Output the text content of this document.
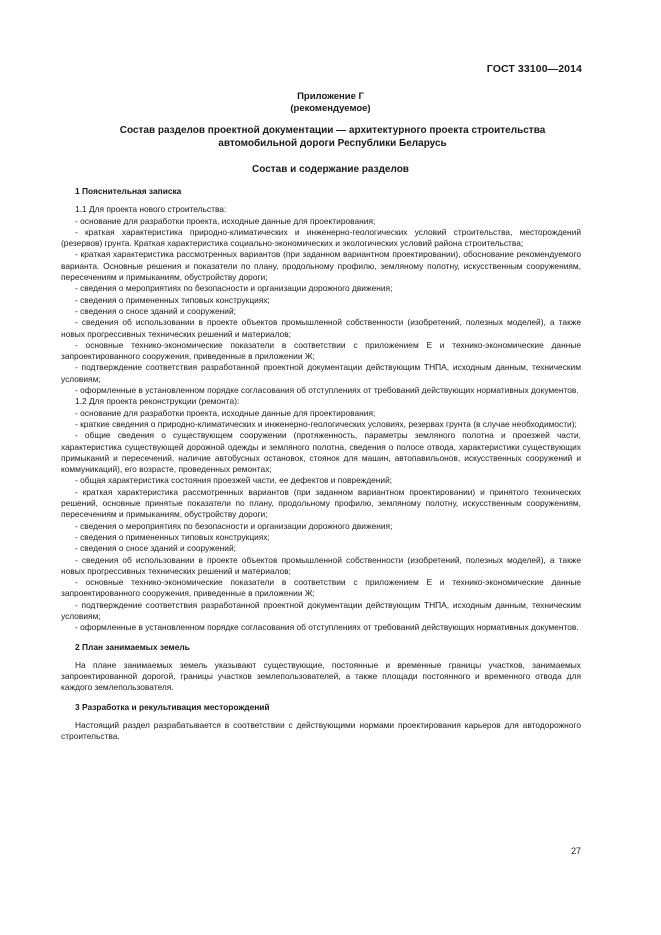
ГОСТ 33100—2014
Приложение Г
(рекомендуемое)
Состав разделов проектной документации — архитектурного проекта строительства
автомобильной дороги Республики Беларусь
Состав и содержание разделов

1 Пояснительная записка

1.1 Для проекта нового строительства:

- основание для разработки проекта, исходные данные для проектирования;

- краткая характеристика природно-климатических и инженерно-геологических условий строительства, месторождений (резервов) грунта. Краткая характеристика социально-экономических и экологических условий района строительства;

- краткая характеристика рассмотренных вариантов (при заданном вариантном проектировании), обоснование рекомендуемого варианта. Основные решения и показатели по плану, продольному профилю, земляному полотну, искусственным сооружениям, пересечениям и примыканиям, обустройству дороги;

- сведения о мероприятиях по безопасности и организации дорожного движения;

- сведения о примененных типовых конструкциях;

- сведения о сносе зданий и сооружений;

- сведения об использовании в проекте объектов промышленной собственности (изобретений, полезных моделей), а также новых прогрессивных технических решений и материалов;

- основные технико-экономические показатели в соответствии с приложением Е и технико-экономические данные запроектированного сооружения, приведенные в приложении Ж;

- подтверждение соответствия разработанной проектной документации действующим ТНПА, исходным данным, техническим условиям;

- оформленные в установленном порядке согласования об отступлениях от требований действующих нормативных документов.

1.2 Для проекта реконструкции (ремонта):

- основание для разработки проекта, исходные данные для проектирования;

- краткие сведения о природно-климатических и инженерно-геологических условиях, резервах грунта (в случае необходимости);

- общие сведения о существующем сооружении (протяженность, параметры земляного полотна и проезжей части, характеристика существующей дорожной одежды и земляного полотна, сведения о полосе отвода, характеристики существующих примыканий и пересечений, наличие автобусных остановок, стоянок для машин, автопавильонов, искусственных сооружений и коммуникаций), его возрасте, проведенных ремонтах;

- общая характеристика состояния проезжей части, ее дефектов и повреждений;

- краткая характеристика рассмотренных вариантов (при заданном вариантном проектировании) и принятого технических решений, основные принятые показатели по плану, продольному профилю, земляному полотну, искусственным сооружениям, пересечениям и примыканиям, обустройству дороги;

- сведения о мероприятиях по безопасности и организации дорожного движения;

- сведения о примененных типовых конструкциях;

- сведения о сносе зданий и сооружений;

- сведения об использовании в проекте объектов промышленной собственности (изобретений, полезных моделей), а также новых прогрессивных технических решений и материалов;

- основные технико-экономические показатели в соответствии с приложением Е и технико-экономические данные запроектированного сооружения, приведенные в приложении Ж;

- подтверждение соответствия разработанной проектной документации действующим ТНПА, исходным данным, техническим условиям;

- оформленные в установленном порядке согласования об отступлениях от требований действующих нормативных документов.

2 План занимаемых земель

На плане занимаемых земель указывают существующие, постоянные и временные границы участков, занимаемых запроектированной дорогой, границы участков землепользователей, а также площади постоянного и временного отвода для каждого землепользователя.

3 Разработка и рекультивация месторождений

Настоящий раздел разрабатывается в соответствии с действующими нормами проектирования карьеров для автодорожного строительства.

27
